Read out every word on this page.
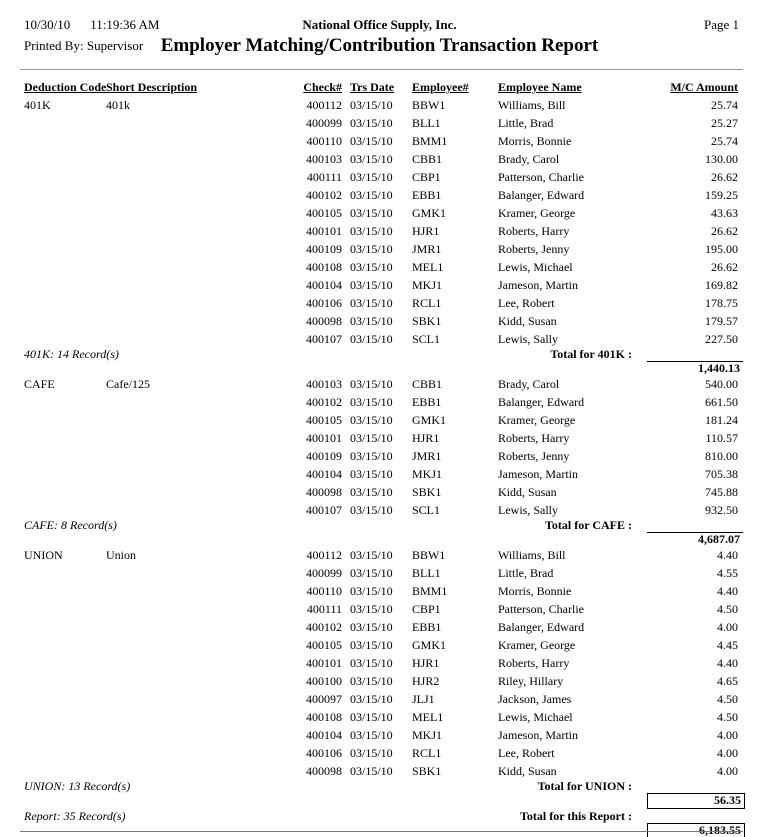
10/30/10 11:19:36 AM	National Office Supply, Inc.	Page 1
Printed By: Supervisor Employer Matching/Contribution Transaction Report
Deduction Code Short Description	Check# Trs Date Employee# Employee Name	M/C Amount
401K	401k	400112 03/15/10 BBW1	Williams, Bill	25.74
400099 03/15/10 BLL1	Little, Brad	25.27
400110 03/15/10 BMM1	Morris, Bonnie	25.74
400103 03/15/10 CBB1	Brady, Carol	130.00
400111 03/15/10 CBP1	Patterson, Charlie	26.62
400102 03/15/10 EBB1	Balanger, Edward	159.25
400105 03/15/10 GMK1	Kramer, George	43.63
400101 03/15/10 HJR1	Roberts, Harry	26.62
400109 03/15/10 JMR1	Roberts, Jenny	195.00
400108 03/15/10 MEL1	Lewis, Michael	26.62
400104 03/15/10 MKJ1	Jameson, Martin	169.82
400106 03/15/10 RCL1	Lee, Robert	178.75
400098 03/15/10 SBK1	Kidd, Susan	179.57
400107 03/15/10 SCL1	Lewis, Sally	227.50
401K: 14 Record(s)	Total for 401K :
1,440.13
CAFE	Cafe/125	400103 03/15/10 CBB1	Brady, Carol	540.00
400102 03/15/10 EBB1	Balanger, Edward	661.50
400105 03/15/10 GMK1	Kramer, George	181.24
400101 03/15/10 HJR1	Roberts, Harry	110.57
400109 03/15/10 JMR1	Roberts, Jenny	810.00
400104 03/15/10 MKJ1	Jameson, Martin	705.38
400098 03/15/10 SBK1	Kidd, Susan	745.88
400107 03/15/10 SCL1	Lewis, Sally	932.50
CAFE: 8 Record(s)	Total for CAFE :
4,687.07
UNION	Union	400112 03/15/10 BBW1	Williams, Bill	4.40
400099 03/15/10 BLL1	Little, Brad	4.55
400110 03/15/10 BMM1	Morris, Bonnie	4.40
400111 03/15/10 CBP1	Patterson, Charlie	4.50
400102 03/15/10 EBB1	Balanger, Edward	4.00
400105 03/15/10 GMK1	Kramer, George	4.45
400101 03/15/10 HJR1	Roberts, Harry	4.40
400100 03/15/10 HJR2	Riley, Hillary	4.65
400097 03/15/10 JLJ1	Jackson, James	4.50
400108 03/15/10 MEL1	Lewis, Michael	4.50
400104 03/15/10 MKJ1	Jameson, Martin	4.00
400106 03/15/10 RCL1	Lee, Robert	4.00
400098 03/15/10 SBK1	Kidd, Susan	4.00
UNION: 13 Record(s)	Total for UNION :
56.35
Report: 35 Record(s)	Total for this Report :
6,183.55
